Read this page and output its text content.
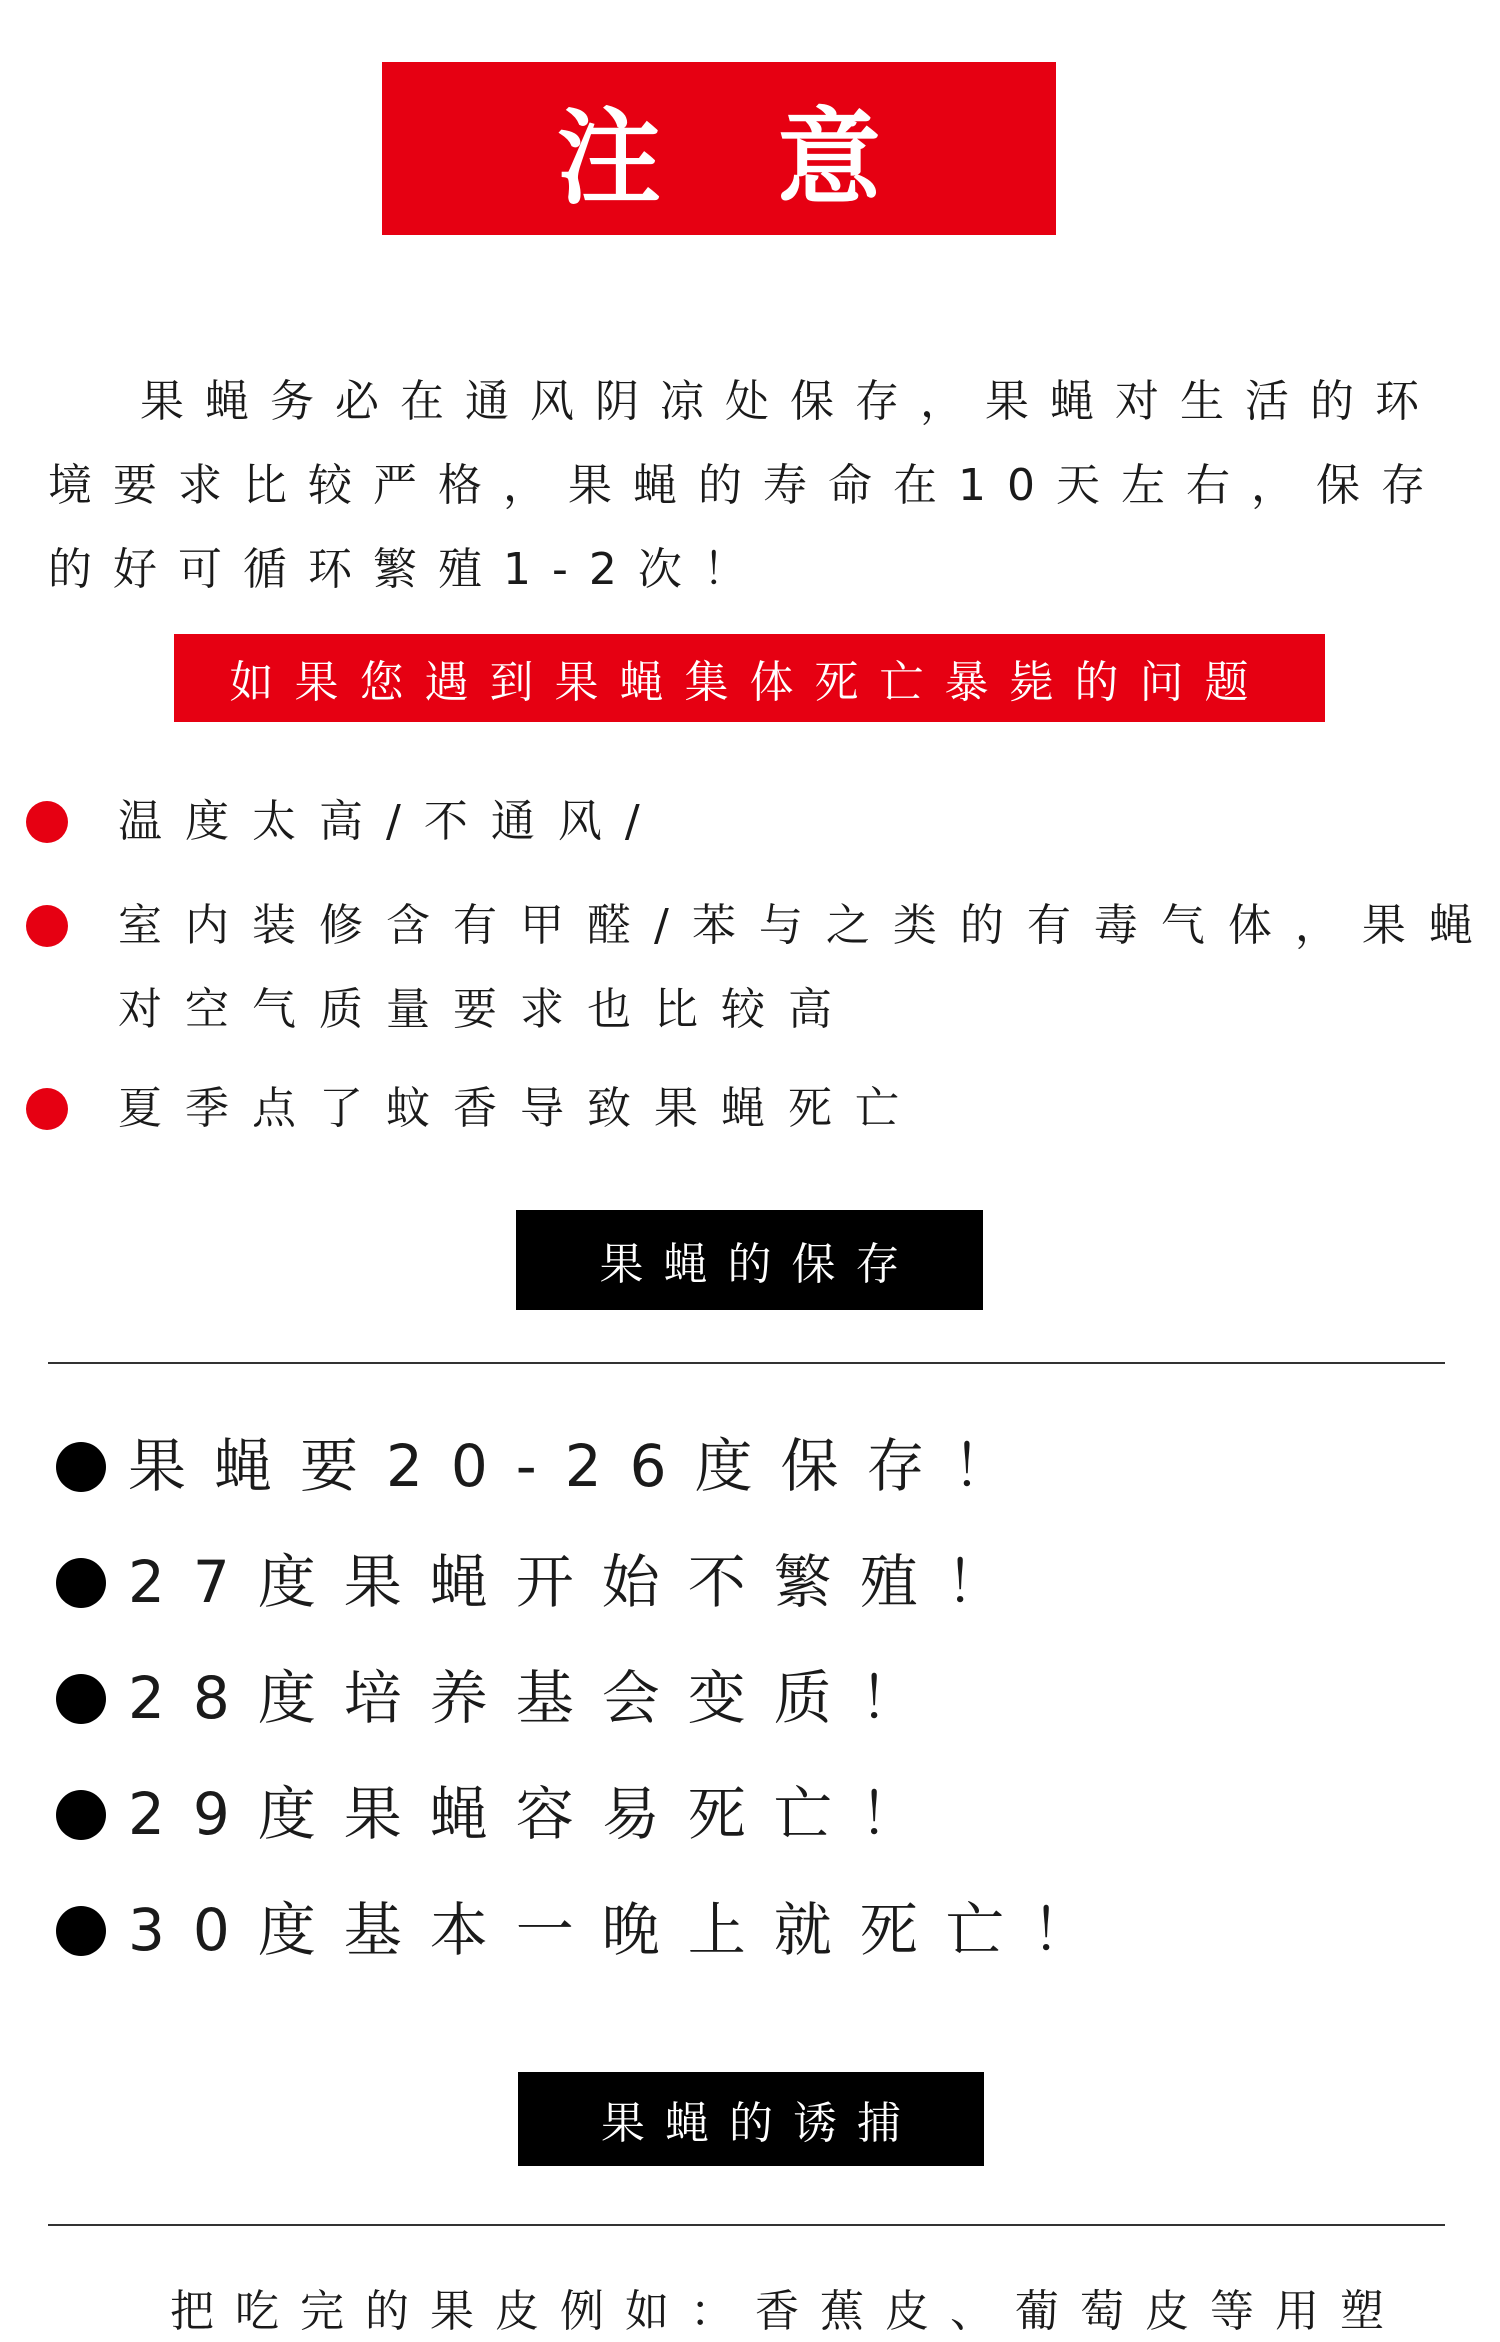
注 意
果蝇务必在通风阴凉处保存，果蝇对生活的环境要求比较严格，果蝇的寿命在10天左右，保存的好可循环繁殖1-2次！
如果您遇到果蝇集体死亡暴毙的问题
温度太高/不通风/
室内装修含有甲醛/苯与之类的有毒气体，果蝇对空气质量要求也比较高
夏季点了蚊香导致果蝇死亡
果蝇的保存
果蝇要20-26度保存！
27度果蝇开始不繁殖！
28度培养基会变质！
29度果蝇容易死亡！
30度基本一晚上就死亡！
果蝇的诱捕
把吃完的果皮例如：香蕉皮、葡萄皮等用塑
